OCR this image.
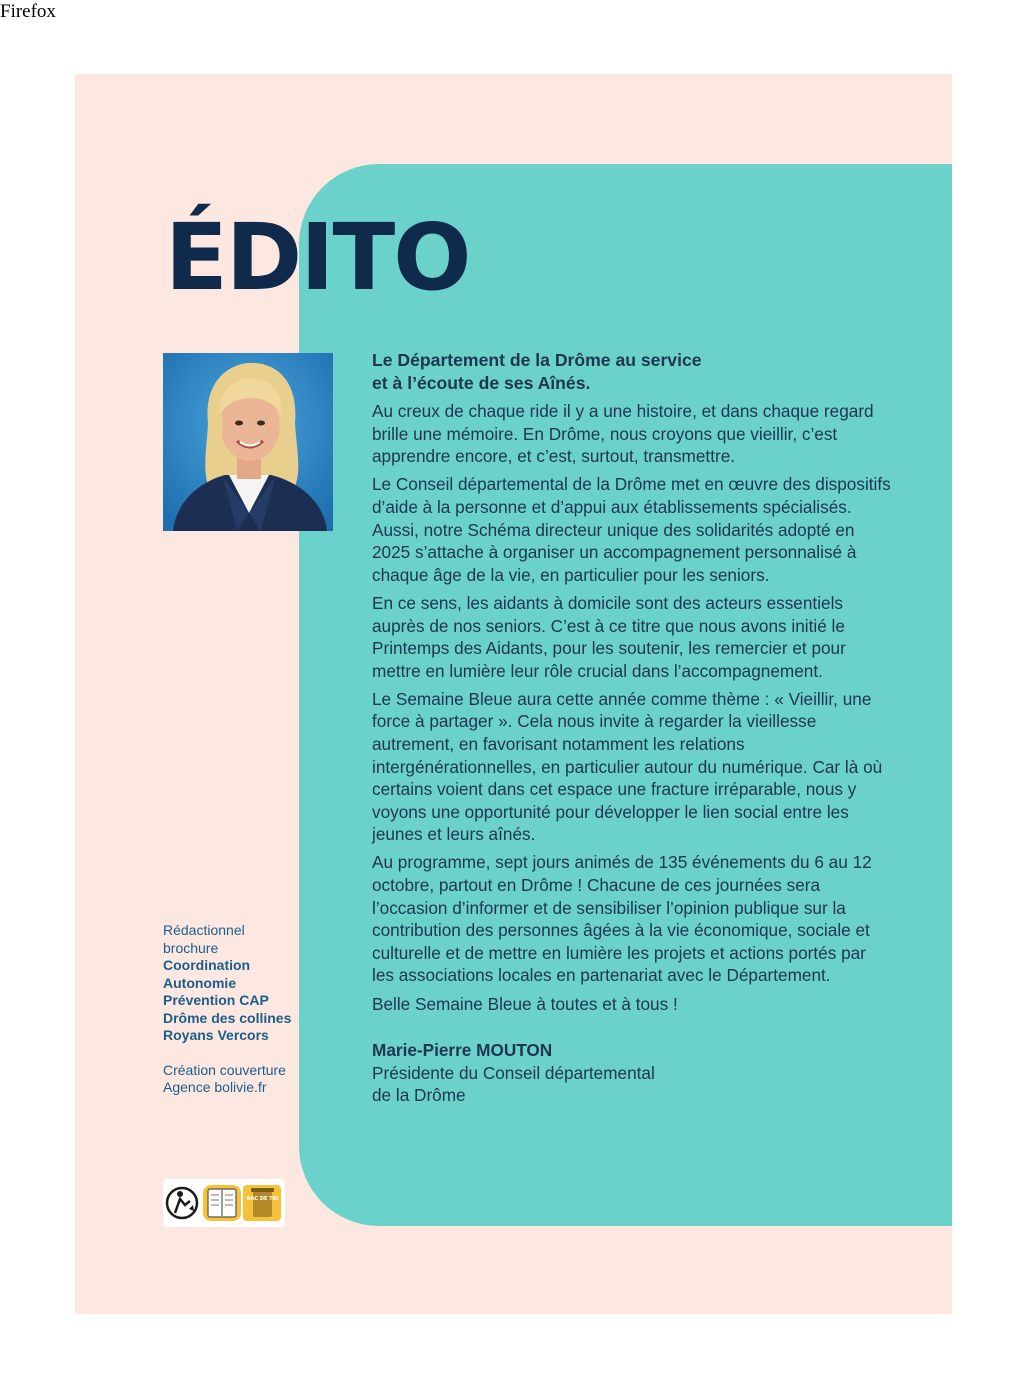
Firefox
ÉDITO
Rédactionnel brochure
Coordination Autonomie Prévention CAP Drôme des collines Royans Vercors
Création couverture
Agence bolivie.fr
BAC DE TRI

Le Département de la Drôme au service
et à l’écoute de ses Aînés.

Au creux de chaque ride il y a une histoire, et dans chaque regard brille une mémoire. En Drôme, nous croyons que vieillir, c’est apprendre encore, et c’est, surtout, transmettre.

Le Conseil départemental de la Drôme met en œuvre des dispositifs d’aide à la personne et d’appui aux établissements spécialisés. Aussi, notre Schéma directeur unique des solidarités adopté en 2025 s’attache à organiser un accompagnement personnalisé à chaque âge de la vie, en particulier pour les seniors.

En ce sens, les aidants à domicile sont des acteurs essentiels auprès de nos seniors. C’est à ce titre que nous avons initié le Printemps des Aidants, pour les soutenir, les remercier et pour mettre en lumière leur rôle crucial dans l’accompagnement.

Le Semaine Bleue aura cette année comme thème : « Vieillir, une force à partager ». Cela nous invite à regarder la vieillesse autrement, en favorisant notamment les relations intergénérationnelles, en particulier autour du numérique. Car là où certains voient dans cet espace une fracture irréparable, nous y voyons une opportunité pour développer le lien social entre les jeunes et leurs aînés.

Au programme, sept jours animés de 135 événements du 6 au 12 octobre, partout en Drôme ! Chacune de ces journées sera l’occasion d’informer et de sensibiliser l’opinion publique sur la contribution des personnes âgées à la vie économique, sociale et culturelle et de mettre en lumière les projets et actions portés par les associations locales en partenariat avec le Département.

Belle Semaine Bleue à toutes et à tous !

Marie-Pierre MOUTON
Présidente du Conseil départemental
de la Drôme
